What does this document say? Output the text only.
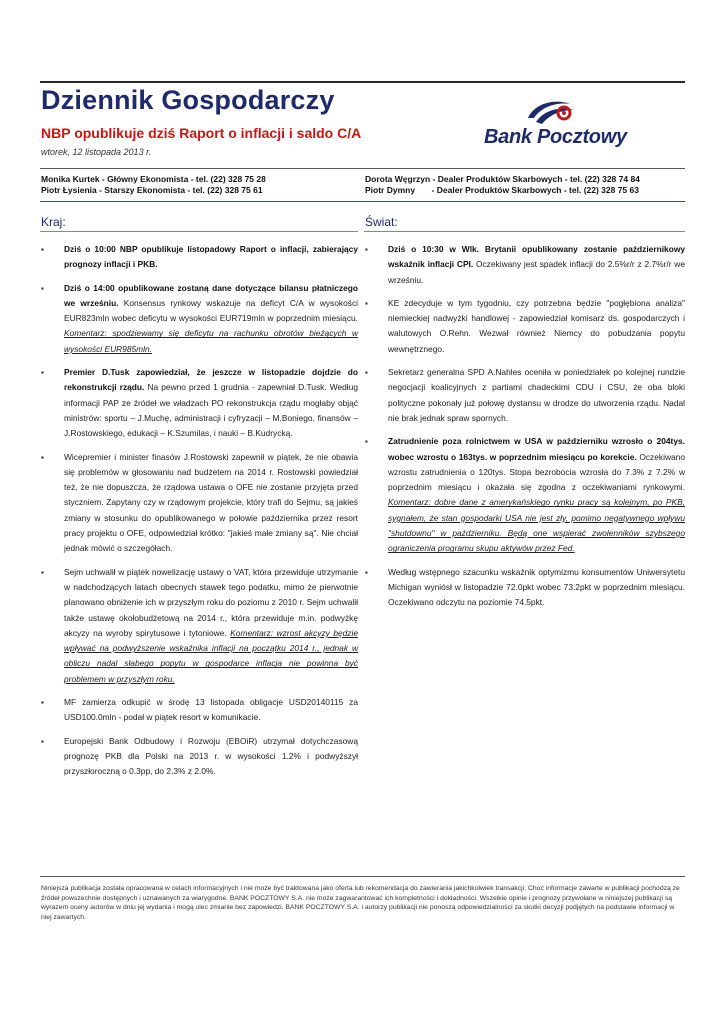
Dziennik Gospodarczy
NBP opublikuje dziś Raport o inflacji i saldo C/A
wtorek, 12 listopada 2013 r.
Bank Pocztowy
Monika Kurtek - Główny Ekonomista - tel. (22) 328 75 28
Piotr Łysienia - Starszy Ekonomista - tel. (22) 328 75 61
Dorota Węgrzyn - Dealer Produktów Skarbowych - tel. (22) 328 74 84
Piotr Dymny       - Dealer Produktów Skarbowych - tel. (22) 328 75 63
Kraj:	Świat:
▪ Dziś o 10:00 NBP opublikuje listopadowy Raport o inflacji, zabierający prognozy inflacji i PKB.
▪ Dziś o 14:00 opublikowane zostaną dane dotyczące bilansu płatniczego we wrześniu. Konsensus rynkowy wskazuje na deficyt C/A w wysokości EUR823mln wobec deficytu w wysokości EUR719mln w poprzednim miesiącu. Komentarz: spodziewamy się deficytu na rachunku obrotów bieżących w wysokości EUR985mln.
▪ Premier D.Tusk zapowiedział, że jeszcze w listopadzie dojdzie do rekonstrukcji rządu. Na pewno przed 1 grudnia - zapewniał D.Tusk. Według informacji PAP ze źródeł we władzach PO rekonstrukcja rządu mogłaby objąć ministrów: sportu – J.Muchę, administracji i cyfryzacji – M.Boniego, finansów – J.Rostowskiego, edukacji – K.Szumilas, i nauki – B.Kudrycką.
▪ Wicepremier i minister finasów J.Rostowski zapewnił w piątek, że nie obawia się problemów w głosowaniu nad budżetem na 2014 r. Rostowski powiedział też, że nie dopuszcza, że rządowa ustawa o OFE nie zostanie przyjęta przed styczniem. Zapytany czy w rządowym projekcie, który trafi do Sejmu, są jakieś zmiany w stosunku do opublikowanego w połowie października przez resort pracy projektu o OFE, odpowiedział krótko: "jakieś małe zmiany są". Nie chciał jednak mówić o szczegółach.
▪ Sejm uchwalił w piątek nowelizację ustawy o VAT, która przewiduje utrzymanie w nadchodzących latach obecnych stawek tego podatku, mimo że pierwotnie planowano obniżenie ich w przyszłym roku do poziomu z 2010 r. Sejm uchwalił także ustawę okołobudżetową na 2014 r., która przewiduje m.in. podwyżkę akcyzy na wyroby spirytusowe i tytoniowe. Komentarz: wzrost akcyzy będzie wpływać na podwyższenie wskaźnika inflacji na początku 2014 r., jednak w obliczu nadal słabego popytu w gospodarce inflacja nie powinna być problemem w przyszłym roku.
▪ MF zamierza odkupić w środę 13 listopada obligacje USD20140115 za USD100.0mln - podał w piątek resort w komunikacie.
▪ Europejski Bank Odbudowy i Rozwoju (EBOiR) utrzymał dotychczasową prognozę PKB dla Polski na 2013 r. w wysokości 1.2% i podwyższył przyszłoroczną o 0.3pp, do 2.3% z 2.0%.
▪ Dziś o 10:30 w Wlk. Brytanii opublikowany zostanie październikowy wskaźnik inflacji CPI. Oczekiwany jest spadek inflacji do 2.5%r/r z 2.7%r/r we wrześniu.
▪ KE zdecyduje w tym tygodniu, czy potrzebna będzie "pogłębiona analiza" niemieckiej nadwyżki handlowej - zapowiedział komisarz ds. gospodarczych i walutowych O.Rehn. Wezwał również Niemcy do pobudzania popytu wewnętrznego.
▪ Sekretarz generalna SPD A.Nahles oceniła w poniedziałek po kolejnej rundzie negocjacji koalicyjnych z partiami chadeckimi CDU i CSU, że oba bloki polityczne pokonały już połowę dystansu w drodze do utworzenia rządu. Nadal nie brak jednak spraw spornych.
▪ Zatrudnienie poza rolnictwem w USA w październiku wzrosło o 204tys. wobec wzrostu o 163tys. w poprzednim miesiącu po korekcie. Oczekiwano wzrostu zatrudnienia o 120tys. Stopa bezrobocia wzrosła do 7.3% z 7.2% w poprzednim miesiącu i okazała się zgodna z oczekiwaniami rynkowymi. Komentarz: dobre dane z amerykańskiego rynku pracy są kolejnym, po PKB, sygnałem, że stan gospodarki USA nie jest zły, pomimo negatywnego wpływu "shutdownu" w październiku. Będą one wspierać zwolenników szybszego ograniczenia programu skupu aktywów przez Fed.
▪ Według wstępnego szacunku wskaźnik optymizmu konsumentów Uniwersytetu Michigan wyniósł w listopadzie 72.0pkt wobec 73.2pkt w poprzednim miesiącu. Oczekiwano odczytu na poziomie 74.5pkt.
Niniejsza publikacja została opracowana w celach informacyjnych i nie może być traktowana jako oferta lub rekomendacja do zawierania jakichkolwiek transakcji. Choć informacje zawarte w publikacji pochodzą ze źródeł powszechnie dostępnych i uznawanych za wiarygodne, BANK POCZTOWY S.A. nie może zagwarantować ich kompletności i dokładności. Wszelkie opinie i prognozy przywołane w niniejszej publikacji są wyrazem oceny autorów w dniu jej wydania i mogą ulec zmianie bez zapowiedzi. BANK POCZTOWY S.A. i autorzy publikacji nie ponoszą odpowiedzialności za skutki decyzji podjętych na podstawie informacji w niej zawartych.
